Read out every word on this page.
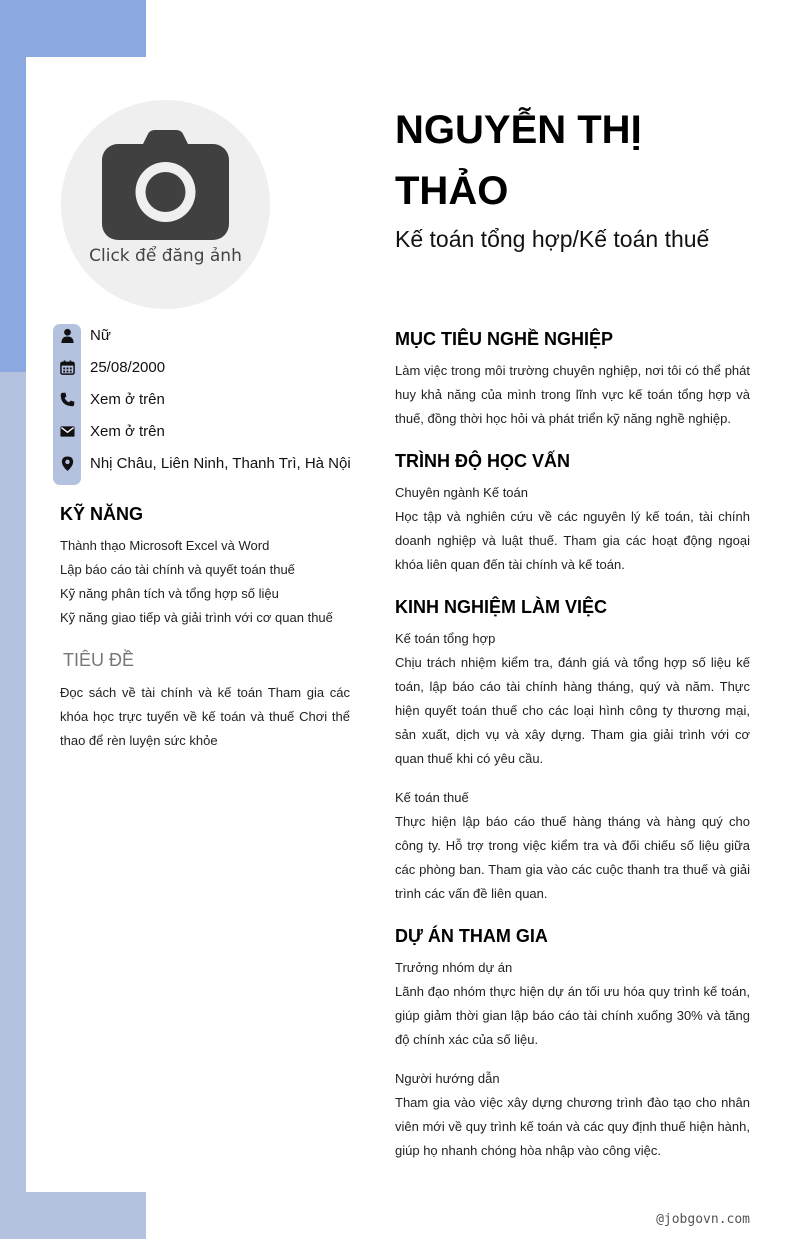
Click để đăng ảnh
NGUYỄN THỊ THẢO
Kế toán tổng hợp/Kế toán thuế
Nữ
25/08/2000
Xem ở trên
Xem ở trên
Nhị Châu, Liên Ninh, Thanh Trì, Hà Nội
KỸ NĂNG
Thành thạo Microsoft Excel và Word
Lập báo cáo tài chính và quyết toán thuế
Kỹ năng phân tích và tổng hợp số liệu
Kỹ năng giao tiếp và giải trình với cơ quan thuế
TIÊU ĐỀ
Đọc sách về tài chính và kế toán Tham gia các khóa học trực tuyến về kế toán và thuế Chơi thể thao để rèn luyện sức khỏe
MỤC TIÊU NGHỀ NGHIỆP
Làm việc trong môi trường chuyên nghiệp, nơi tôi có thể phát huy khả năng của mình trong lĩnh vực kế toán tổng hợp và thuế, đồng thời học hỏi và phát triển kỹ năng nghề nghiệp.
TRÌNH ĐỘ HỌC VẤN
Chuyên ngành Kế toán
Học tập và nghiên cứu về các nguyên lý kế toán, tài chính doanh nghiệp và luật thuế. Tham gia các hoạt động ngoại khóa liên quan đến tài chính và kế toán.
KINH NGHIỆM LÀM VIỆC
Kế toán tổng hợp
Chịu trách nhiệm kiểm tra, đánh giá và tổng hợp số liệu kế toán, lập báo cáo tài chính hàng tháng, quý và năm. Thực hiện quyết toán thuế cho các loại hình công ty thương mại, sản xuất, dịch vụ và xây dựng. Tham gia giải trình với cơ quan thuế khi có yêu cầu.
Kế toán thuế
Thực hiện lập báo cáo thuế hàng tháng và hàng quý cho công ty. Hỗ trợ trong việc kiểm tra và đối chiếu số liệu giữa các phòng ban. Tham gia vào các cuộc thanh tra thuế và giải trình các vấn đề liên quan.
DỰ ÁN THAM GIA
Trưởng nhóm dự án
Lãnh đạo nhóm thực hiện dự án tối ưu hóa quy trình kế toán, giúp giảm thời gian lập báo cáo tài chính xuống 30% và tăng độ chính xác của số liệu.
Người hướng dẫn
Tham gia vào việc xây dựng chương trình đào tạo cho nhân viên mới về quy trình kế toán và các quy định thuế hiện hành, giúp họ nhanh chóng hòa nhập vào công việc.
@jobgovn.com
